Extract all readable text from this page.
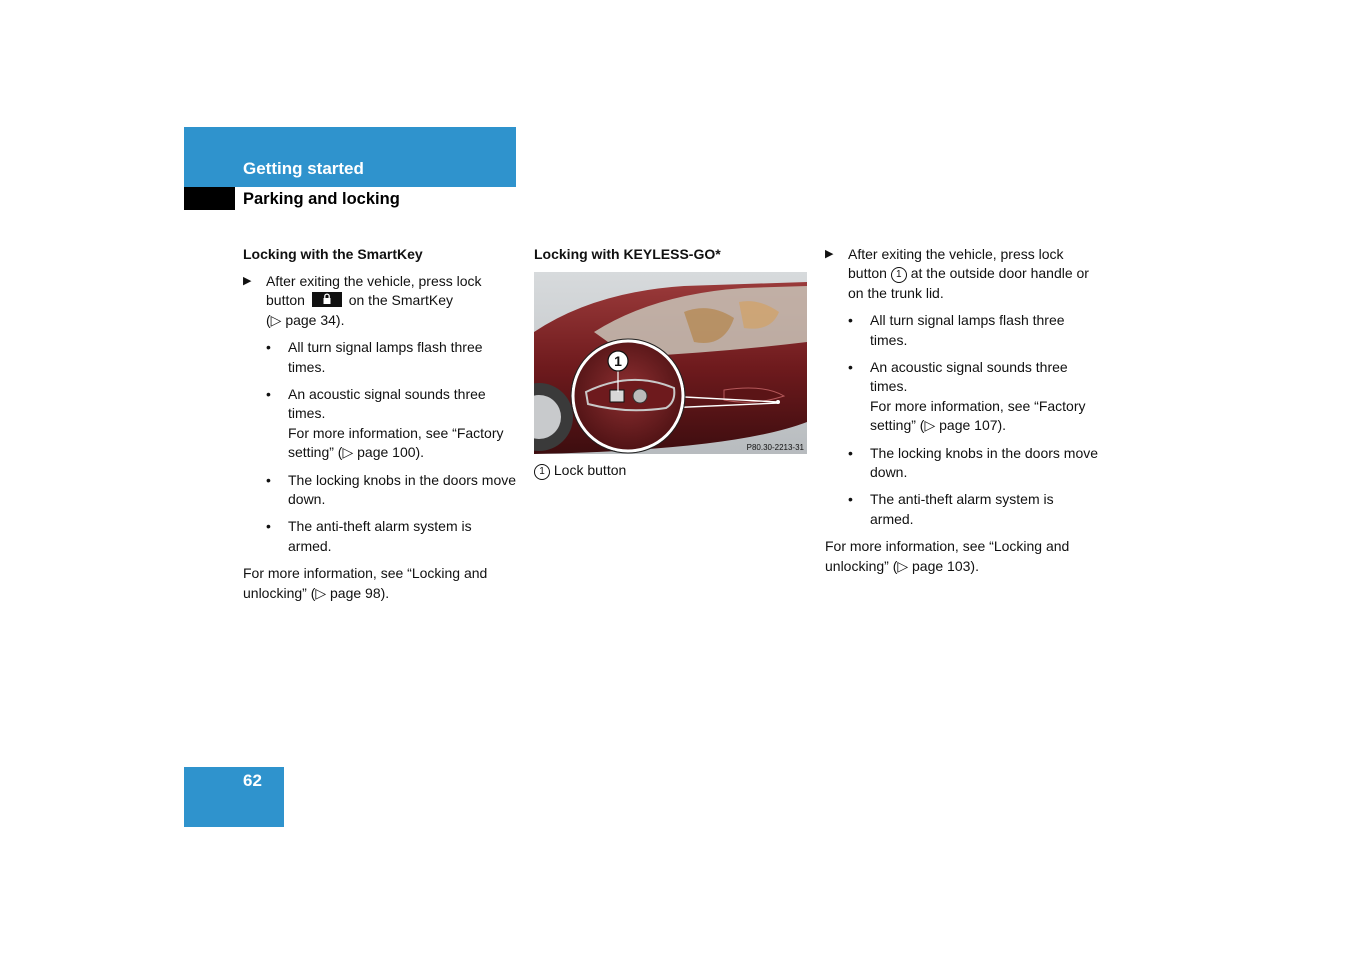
Getting started
Parking and locking
Locking with the SmartKey
▶ After exiting the vehicle, press lock button	on the SmartKey
(▷ page 34).
• All turn signal lamps flash three times.
• An acoustic signal sounds three times.
For more information, see “Factory setting” (▷ page 100).
• The locking knobs in the doors move down.
• The anti-theft alarm system is armed.

For more information, see “Locking and unlocking” (▷ page 98).

Locking with KEYLESS-GO*
1
P80.30-2213-31
1 Lock button
▶ After exiting the vehicle, press lock button 1 at the outside door handle or on the trunk lid.
• All turn signal lamps flash three times.
• An acoustic signal sounds three times.
For more information, see “Factory setting” (▷ page 107).
• The locking knobs in the doors move down.
• The anti-theft alarm system is armed.

For more information, see “Locking and unlocking” (▷ page 103).

62
